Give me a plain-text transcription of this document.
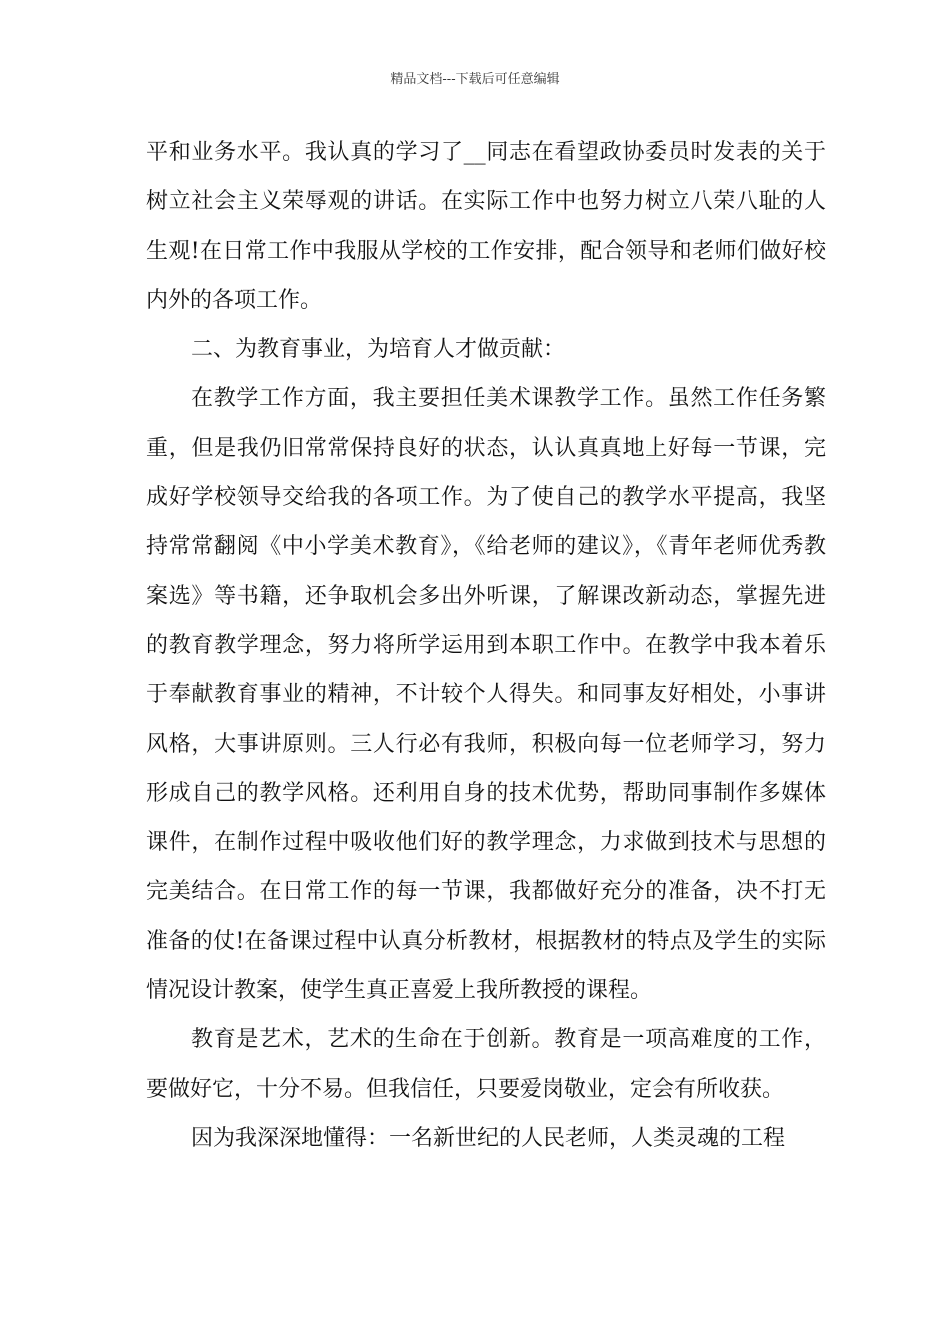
精品文档---下载后可任意编辑

平和业务水平。我认真的学习了__同志在看望政协委员时发表的关于树立社会主义荣辱观的讲话。在实际工作中也努力树立八荣八耻的人生观!在日常工作中我服从学校的工作安排，配合领导和老师们做好校内外的各项工作。

二、为教育事业，为培育人才做贡献：

在教学工作方面，我主要担任美术课教学工作。虽然工作任务繁重，但是我仍旧常常保持良好的状态，认认真真地上好每一节课，完成好学校领导交给我的各项工作。为了使自己的教学水平提高，我坚持常常翻阅《中小学美术教育》，《给老师的建议》，《青年老师优秀教案选》等书籍，还争取机会多出外听课，了解课改新动态，掌握先进的教育教学理念，努力将所学运用到本职工作中。在教学中我本着乐于奉献教育事业的精神，不计较个人得失。和同事友好相处，小事讲风格，大事讲原则。三人行必有我师，积极向每一位老师学习，努力形成自己的教学风格。还利用自身的技术优势，帮助同事制作多媒体课件，在制作过程中吸收他们好的教学理念，力求做到技术与思想的完美结合。在日常工作的每一节课，我都做好充分的准备，决不打无准备的仗!在备课过程中认真分析教材，根据教材的特点及学生的实际情况设计教案，使学生真正喜爱上我所教授的课程。

教育是艺术，艺术的生命在于创新。教育是一项高难度的工作，要做好它，十分不易。但我信任，只要爱岗敬业，定会有所收获。

因为我深深地懂得：一名新世纪的人民老师，人类灵魂的工程
